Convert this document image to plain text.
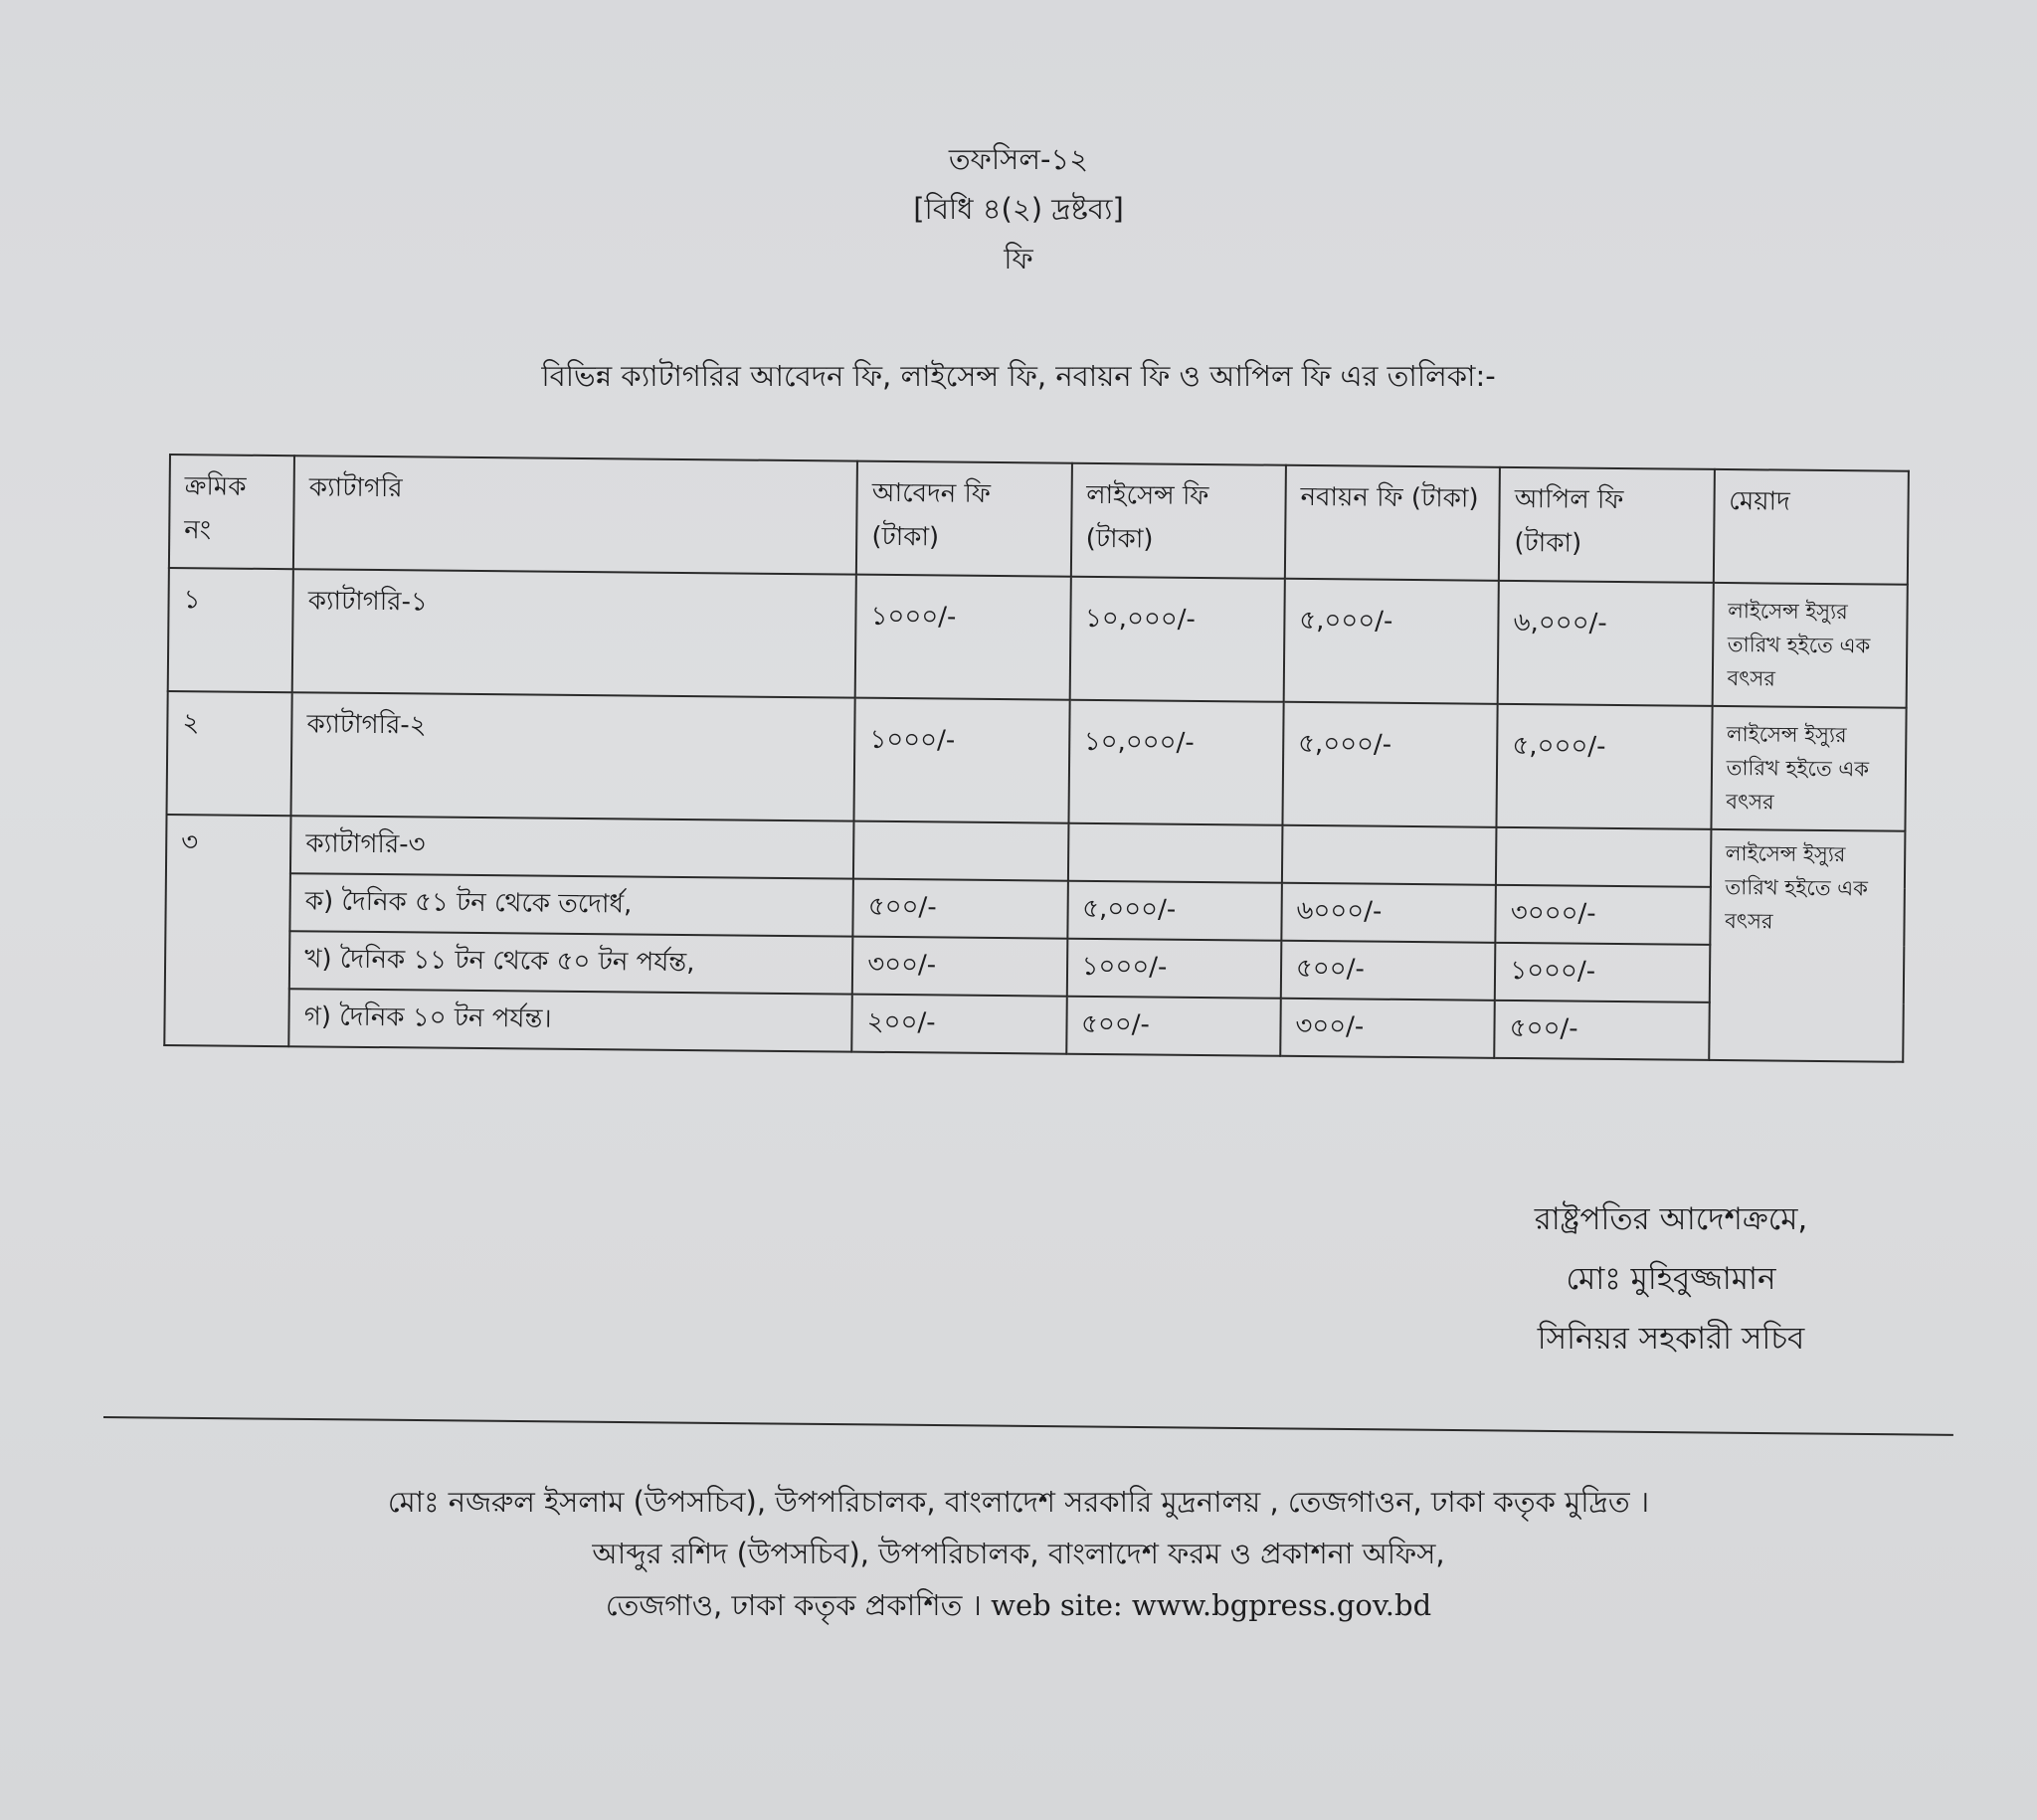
তফসিল-১২
[বিধি ৪(২) দ্রষ্টব্য]
ফি
বিভিন্ন ক্যাটাগরির আবেদন ফি, লাইসেন্স ফি, নবায়ন ফি ও আপিল ফি এর তালিকা:-
ক্রমিক নং	ক্যাটাগরি	আবেদন ফি (টাকা)	লাইসেন্স ফি (টাকা)	নবায়ন ফি (টাকা)	আপিল ফি (টাকা)	মেয়াদ
১	ক্যাটাগরি-১	১০০০/-	১০,০০০/-	৫,০০০/-	৬,০০০/-	লাইসেন্স ইস্যুর তারিখ হইতে এক বৎসর
২	ক্যাটাগরি-২	১০০০/-	১০,০০০/-	৫,০০০/-	৫,০০০/-	লাইসেন্স ইস্যুর তারিখ হইতে এক বৎসর
৩	ক্যাটাগরি-৩					লাইসেন্স ইস্যুর তারিখ হইতে এক বৎসর
	ক) দৈনিক ৫১ টন থেকে তদোর্ধ,	৫০০/-	৫,০০০/-	৬০০০/-	৩০০০/-	
	খ) দৈনিক ১১ টন থেকে ৫০ টন পর্যন্ত,	৩০০/-	১০০০/-	৫০০/-	১০০০/-	
	গ) দৈনিক ১০ টন পর্যন্ত।	২০০/-	৫০০/-	৩০০/-	৫০০/-	
রাষ্ট্রপতির আদেশক্রমে,
মোঃ মুহিবুজ্জামান
সিনিয়র সহকারী সচিব
মোঃ নজরুল ইসলাম (উপসচিব), উপপরিচালক, বাংলাদেশ সরকারি মুদ্রনালয় , তেজগাওন, ঢাকা কতৃক মুদ্রিত ।
আব্দুর রশিদ (উপসচিব), উপপরিচালক, বাংলাদেশ ফরম ও প্রকাশনা অফিস,
তেজগাও, ঢাকা কতৃক প্রকাশিত । web site: www.bgpress.gov.bd
